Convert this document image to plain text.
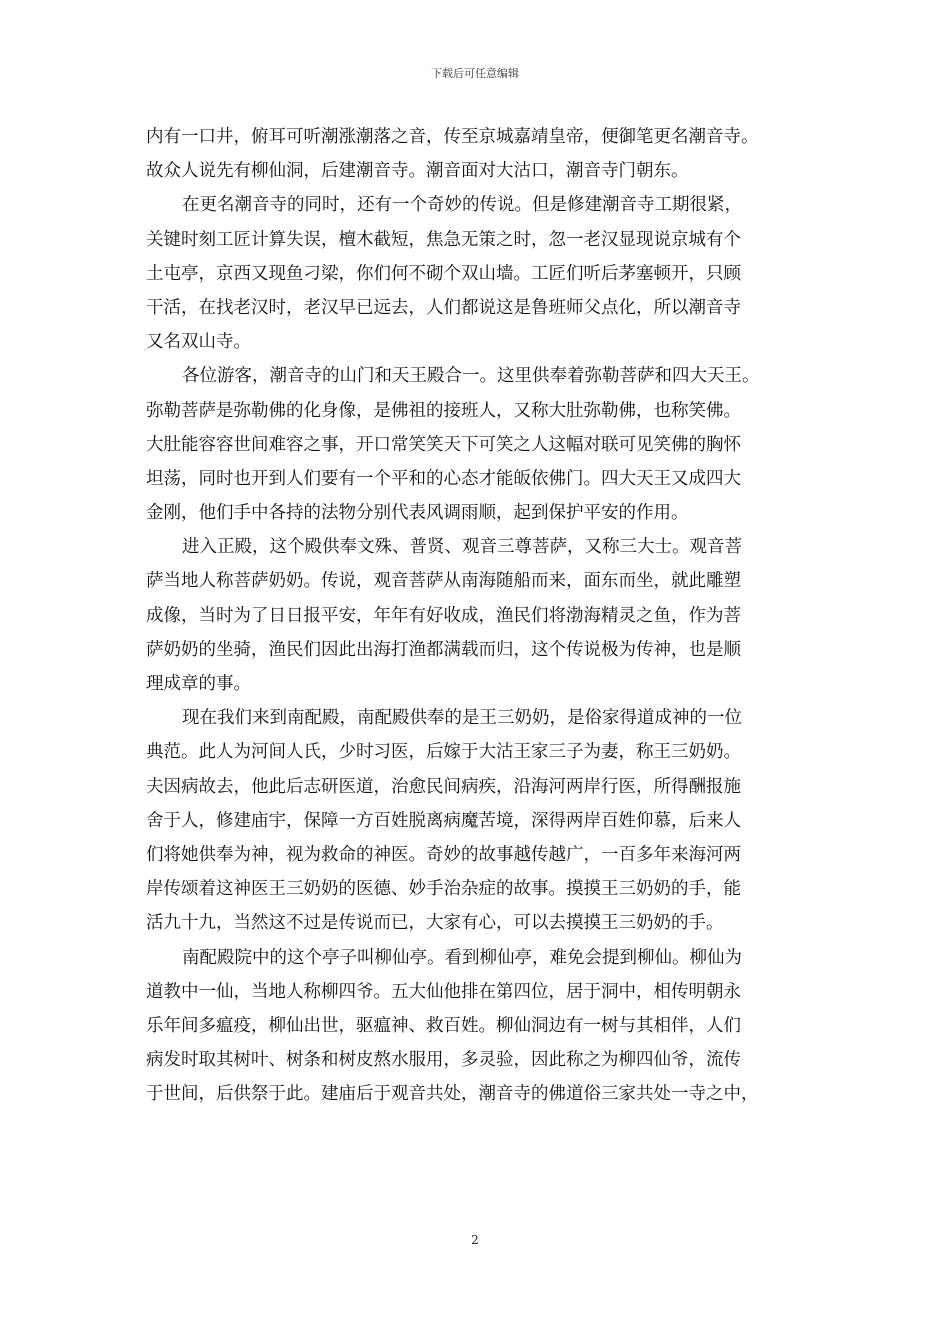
下载后可任意编辑
内有一口井，俯耳可听潮涨潮落之音，传至京城嘉靖皇帝，便御笔更名潮音寺。
故众人说先有柳仙洞，后建潮音寺。潮音面对大沽口，潮音寺门朝东。
在更名潮音寺的同时，还有一个奇妙的传说。但是修建潮音寺工期很紧，
关键时刻工匠计算失误，檀木截短，焦急无策之时，忽一老汉显现说京城有个
土屯亭，京西又现鱼刁梁，你们何不砌个双山墙。工匠们听后茅塞顿开，只顾
干活，在找老汉时，老汉早已远去，人们都说这是鲁班师父点化，所以潮音寺
又名双山寺。
各位游客，潮音寺的山门和天王殿合一。这里供奉着弥勒菩萨和四大天王。
弥勒菩萨是弥勒佛的化身像，是佛祖的接班人，又称大肚弥勒佛，也称笑佛。
大肚能容容世间难容之事，开口常笑笑天下可笑之人这幅对联可见笑佛的胸怀
坦荡，同时也开到人们要有一个平和的心态才能皈依佛门。四大天王又成四大
金刚，他们手中各持的法物分别代表风调雨顺，起到保护平安的作用。
进入正殿，这个殿供奉文殊、普贤、观音三尊菩萨，又称三大士。观音菩
萨当地人称菩萨奶奶。传说，观音菩萨从南海随船而来，面东而坐，就此雕塑
成像，当时为了日日报平安，年年有好收成，渔民们将渤海精灵之鱼，作为菩
萨奶奶的坐骑，渔民们因此出海打渔都满载而归，这个传说极为传神，也是顺
理成章的事。
现在我们来到南配殿，南配殿供奉的是王三奶奶，是俗家得道成神的一位
典范。此人为河间人氏，少时习医，后嫁于大沽王家三子为妻，称王三奶奶。
夫因病故去，他此后志研医道，治愈民间病疾，沿海河两岸行医，所得酬报施
舍于人，修建庙宇，保障一方百姓脱离病魔苦境，深得两岸百姓仰慕，后来人
们将她供奉为神，视为救命的神医。奇妙的故事越传越广，一百多年来海河两
岸传颂着这神医王三奶奶的医德、妙手治杂症的故事。摸摸王三奶奶的手，能
活九十九，当然这不过是传说而已，大家有心，可以去摸摸王三奶奶的手。
南配殿院中的这个亭子叫柳仙亭。看到柳仙亭，难免会提到柳仙。柳仙为
道教中一仙，当地人称柳四爷。五大仙他排在第四位，居于洞中，相传明朝永
乐年间多瘟疫，柳仙出世，驱瘟神、救百姓。柳仙洞边有一树与其相伴，人们
病发时取其树叶、树条和树皮熬水服用，多灵验，因此称之为柳四仙爷，流传
于世间，后供祭于此。建庙后于观音共处，潮音寺的佛道俗三家共处一寺之中，
2
